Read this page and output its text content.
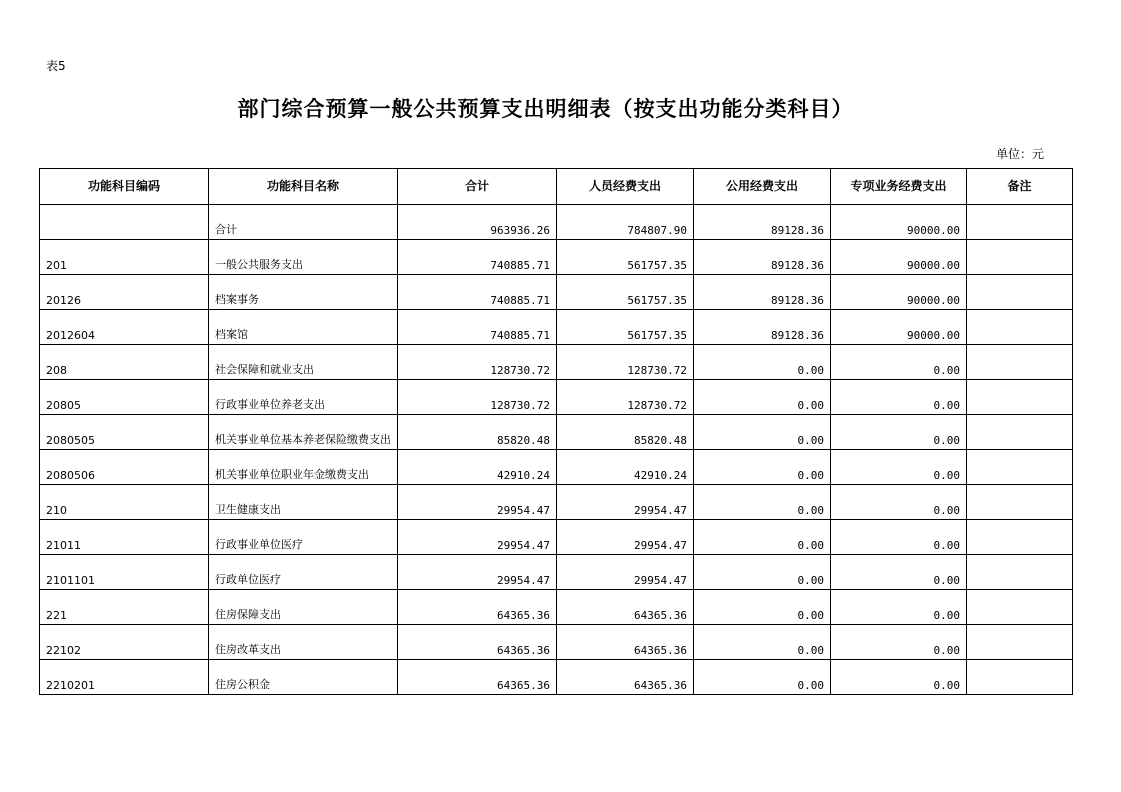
表5
部门综合预算一般公共预算支出明细表（按支出功能分类科目）
单位：元
功能科目编码	功能科目名称	合计	人员经费支出	公用经费支出	专项业务经费支出	备注
	合计	963936.26	784807.90	89128.36	90000.00	
201	一般公共服务支出	740885.71	561757.35	89128.36	90000.00	
20126	档案事务	740885.71	561757.35	89128.36	90000.00	
2012604	档案馆	740885.71	561757.35	89128.36	90000.00	
208	社会保障和就业支出	128730.72	128730.72	0.00	0.00	
20805	行政事业单位养老支出	128730.72	128730.72	0.00	0.00	
2080505	机关事业单位基本养老保险缴费支出	85820.48	85820.48	0.00	0.00	
2080506	机关事业单位职业年金缴费支出	42910.24	42910.24	0.00	0.00	
210	卫生健康支出	29954.47	29954.47	0.00	0.00	
21011	行政事业单位医疗	29954.47	29954.47	0.00	0.00	
2101101	行政单位医疗	29954.47	29954.47	0.00	0.00	
221	住房保障支出	64365.36	64365.36	0.00	0.00	
22102	住房改革支出	64365.36	64365.36	0.00	0.00	
2210201	住房公积金	64365.36	64365.36	0.00	0.00	
